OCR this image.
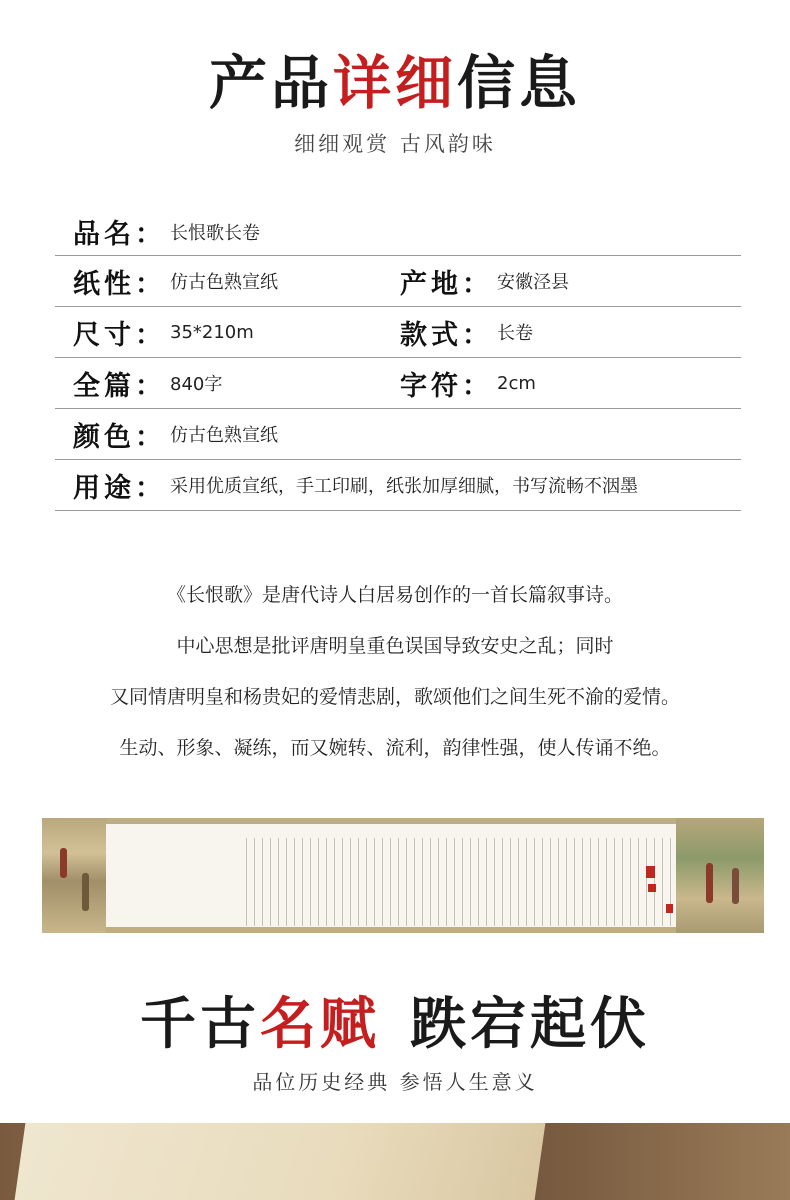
产品详细信息
细细观赏 古风韵味
品名 ： 长恨歌长卷
纸性 ： 仿古色熟宣纸	产地 ： 安徽泾县
尺寸 ： 35*210m	款式 ： 长卷
全篇 ： 840字	字符 ： 2cm
颜色 ： 仿古色熟宣纸
用途 ： 采用优质宣纸，手工印刷，纸张加厚细腻，书写流畅不洇墨

《长恨歌》是唐代诗人白居易创作的一首长篇叙事诗。

中心思想是批评唐明皇重色误国导致安史之乱；同时

又同情唐明皇和杨贵妃的爱情悲剧，歌颂他们之间生死不渝的爱情。

生动、形象、凝练，而又婉转、流利，韵律性强，使人传诵不绝。

千古名赋 跌宕起伏
品位历史经典 参悟人生意义
